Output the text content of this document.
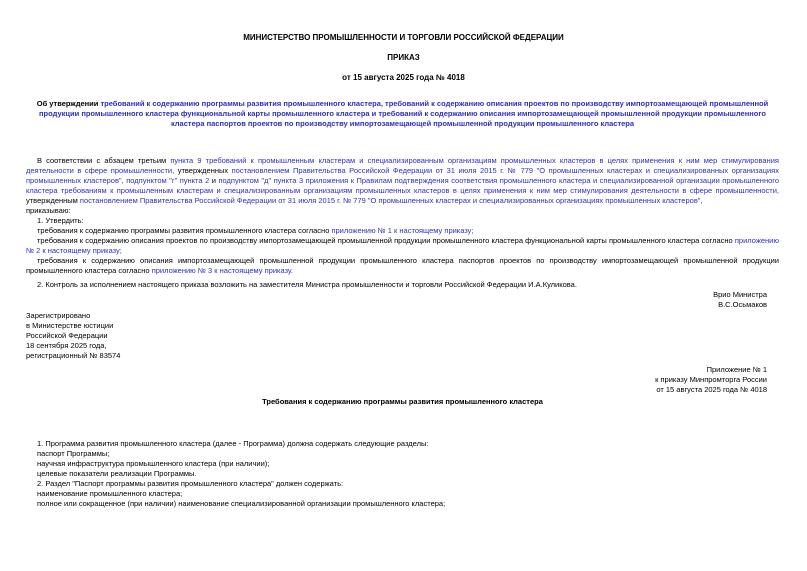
МИНИСТЕРСТВО ПРОМЫШЛЕННОСТИ И ТОРГОВЛИ РОССИЙСКОЙ ФЕДЕРАЦИИ
ПРИКАЗ
от 15 августа 2025 года № 4018
Об утверждении требований к содержанию программы развития промышленного кластера, требований к содержанию описания проектов по производству импортозамещающей промышленной продукции промышленного кластера функциональной карты промышленного кластера и требований к содержанию описания импортозамещающей промышленной продукции промышленного кластера паспортов проектов по производству импортозамещающей промышленной продукции промышленного кластера

В соответствии с абзацем третьим пункта 9 требований к промышленным кластерам и специализированным организациям промышленных кластеров в целях применения к ним мер стимулирования деятельности в сфере промышленности, утвержденных постановлением Правительства Российской Федерации от 31 июля 2015 г. № 779 "О промышленных кластерах и специализированных организациях промышленных кластеров", подпунктом "г" пункта 2 и подпунктом "д" пункта 3 приложения к Правилам подтверждения соответствия промышленного кластера и специализированной организации промышленного кластера требованиям к промышленным кластерам и специализированным организациям промышленных кластеров в целях применения к ним мер стимулирования деятельности в сфере промышленности, утвержденным постановлением Правительства Российской Федерации от 31 июля 2015 г. № 779 "О промышленных кластерах и специализированных организациях промышленных кластеров",

приказываю:

1. Утвердить:

требования к содержанию программы развития промышленного кластера согласно приложению № 1 к настоящему приказу;

требования к содержанию описания проектов по производству импортозамещающей промышленной продукции промышленного кластера функциональной карты промышленного кластера согласно приложению № 2 к настоящему приказу;

требования к содержанию описания импортозамещающей промышленной продукции промышленного кластера паспортов проектов по производству импортозамещающей промышленной продукции промышленного кластера согласно приложению № 3 к настоящему приказу.

2. Контроль за исполнением настоящего приказа возложить на заместителя Министра промышленности и торговли Российской Федерации И.А.Куликова.

Врио Министра
В.С.Осьмаков
Зарегистрировано
в Министерстве юстиции
Российской Федерации
18 сентября 2025 года,
регистрационный № 83574
Приложение № 1
к приказу Минпромторга России
от 15 августа 2025 года № 4018
Требования к содержанию программы развития промышленного кластера

1. Программа развития промышленного кластера (далее - Программа) должна содержать следующие разделы:

паспорт Программы;

научная инфраструктура промышленного кластера (при наличии);

целевые показатели реализации Программы.

2. Раздел "Паспорт программы развития промышленного кластера" должен содержать:

наименование промышленного кластера;

полное или сокращенное (при наличии) наименование специализированной организации промышленного кластера;
